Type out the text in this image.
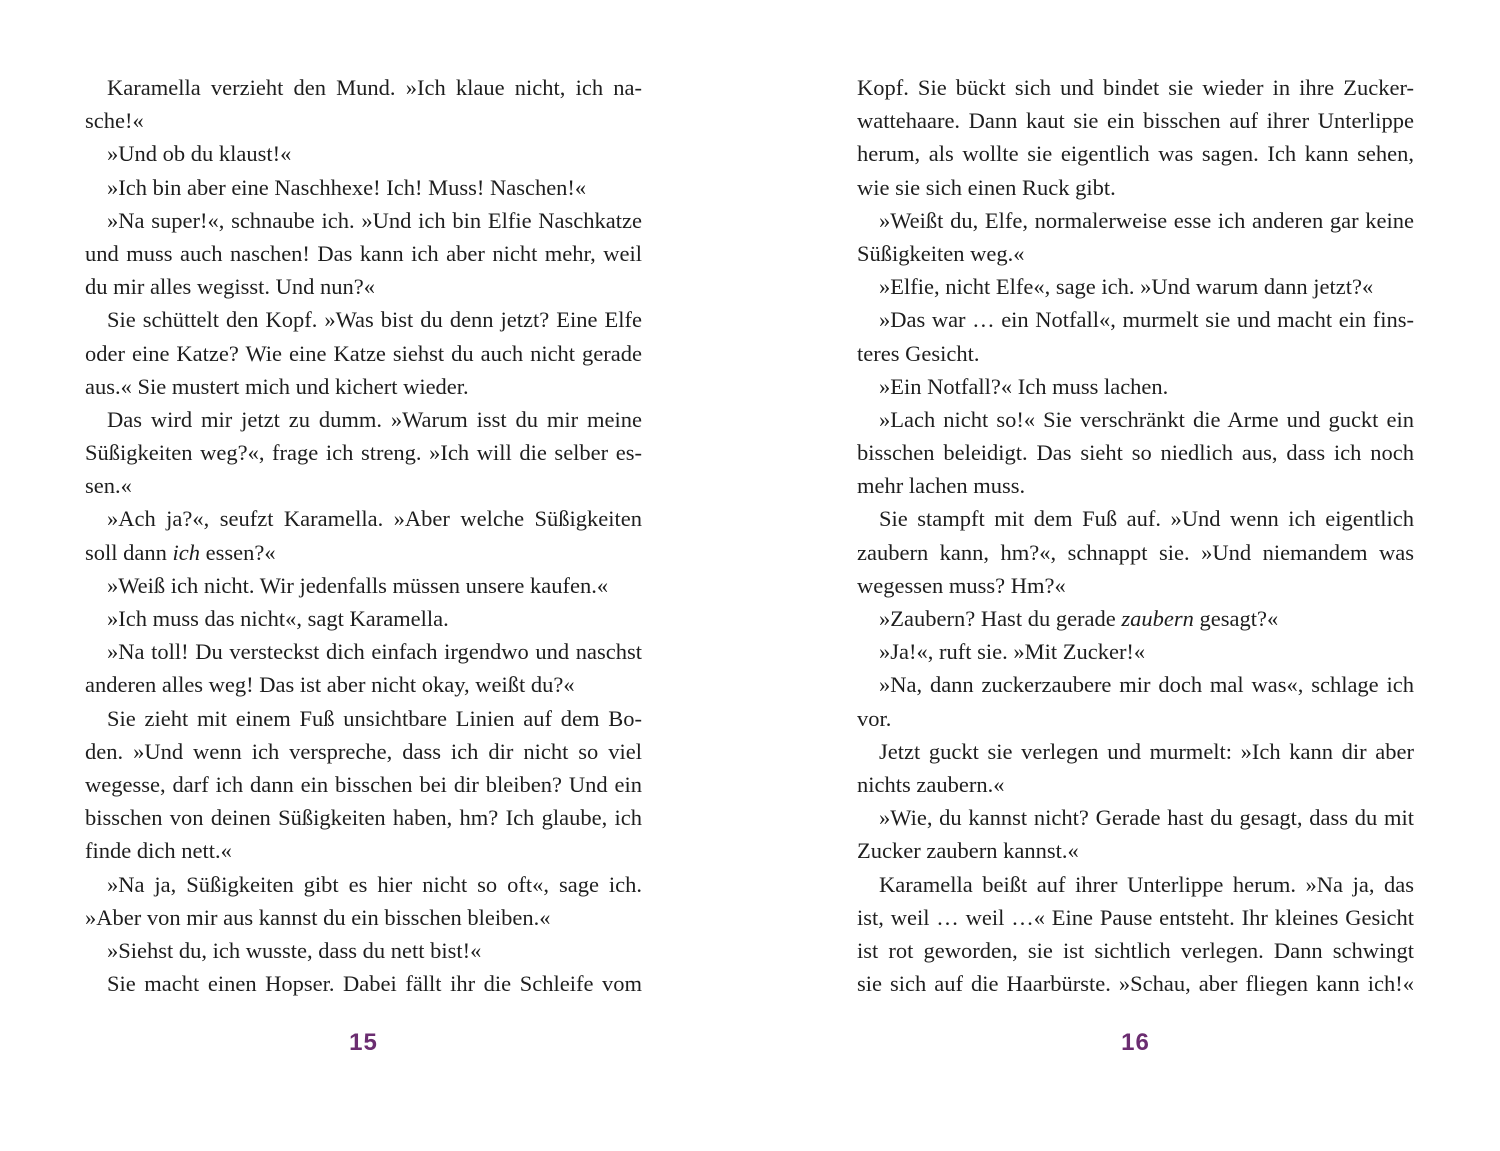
Karamella verzieht den Mund. »Ich klaue nicht, ich na-
sche!«
»Und ob du klaust!«
»Ich bin aber eine Naschhexe! Ich! Muss! Naschen!«
»Na super!«, schnaube ich. »Und ich bin Elfie Naschkatze
und muss auch naschen! Das kann ich aber nicht mehr, weil
du mir alles wegisst. Und nun?«
Sie schüttelt den Kopf. »Was bist du denn jetzt? Eine Elfe
oder eine Katze? Wie eine Katze siehst du auch nicht gerade
aus.« Sie mustert mich und kichert wieder.
Das wird mir jetzt zu dumm. »Warum isst du mir meine
Süßigkeiten weg?«, frage ich streng. »Ich will die selber es-
sen.«
»Ach ja?«, seufzt Karamella. »Aber welche Süßigkeiten
soll dann ich essen?«
»Weiß ich nicht. Wir jedenfalls müssen unsere kaufen.«
»Ich muss das nicht«, sagt Karamella.
»Na toll! Du versteckst dich einfach irgendwo und naschst
anderen alles weg! Das ist aber nicht okay, weißt du?«
Sie zieht mit einem Fuß unsichtbare Linien auf dem Bo-
den. »Und wenn ich verspreche, dass ich dir nicht so viel
wegesse, darf ich dann ein bisschen bei dir bleiben? Und ein
bisschen von deinen Süßigkeiten haben, hm? Ich glaube, ich
finde dich nett.«
»Na ja, Süßigkeiten gibt es hier nicht so oft«, sage ich.
»Aber von mir aus kannst du ein bisschen bleiben.«
»Siehst du, ich wusste, dass du nett bist!«
Sie macht einen Hopser. Dabei fällt ihr die Schleife vom
15
Kopf. Sie bückt sich und bindet sie wieder in ihre Zucker-
wattehaare. Dann kaut sie ein bisschen auf ihrer Unterlippe
herum, als wollte sie eigentlich was sagen. Ich kann sehen,
wie sie sich einen Ruck gibt.
»Weißt du, Elfe, normalerweise esse ich anderen gar keine
Süßigkeiten weg.«
»Elfie, nicht Elfe«, sage ich. »Und warum dann jetzt?«
»Das war … ein Notfall«, murmelt sie und macht ein fins-
teres Gesicht.
»Ein Notfall?« Ich muss lachen.
»Lach nicht so!« Sie verschränkt die Arme und guckt ein
bisschen beleidigt. Das sieht so niedlich aus, dass ich noch
mehr lachen muss.
Sie stampft mit dem Fuß auf. »Und wenn ich eigentlich
zaubern kann, hm?«, schnappt sie. »Und niemandem was
wegessen muss? Hm?«
»Zaubern? Hast du gerade zaubern gesagt?«
»Ja!«, ruft sie. »Mit Zucker!«
»Na, dann zuckerzaubere mir doch mal was«, schlage ich
vor.
Jetzt guckt sie verlegen und murmelt: »Ich kann dir aber
nichts zaubern.«
»Wie, du kannst nicht? Gerade hast du gesagt, dass du mit
Zucker zaubern kannst.«
Karamella beißt auf ihrer Unterlippe herum. »Na ja, das
ist, weil … weil …« Eine Pause entsteht. Ihr kleines Gesicht
ist rot geworden, sie ist sichtlich verlegen. Dann schwingt
sie sich auf die Haarbürste. »Schau, aber fliegen kann ich!«
16
